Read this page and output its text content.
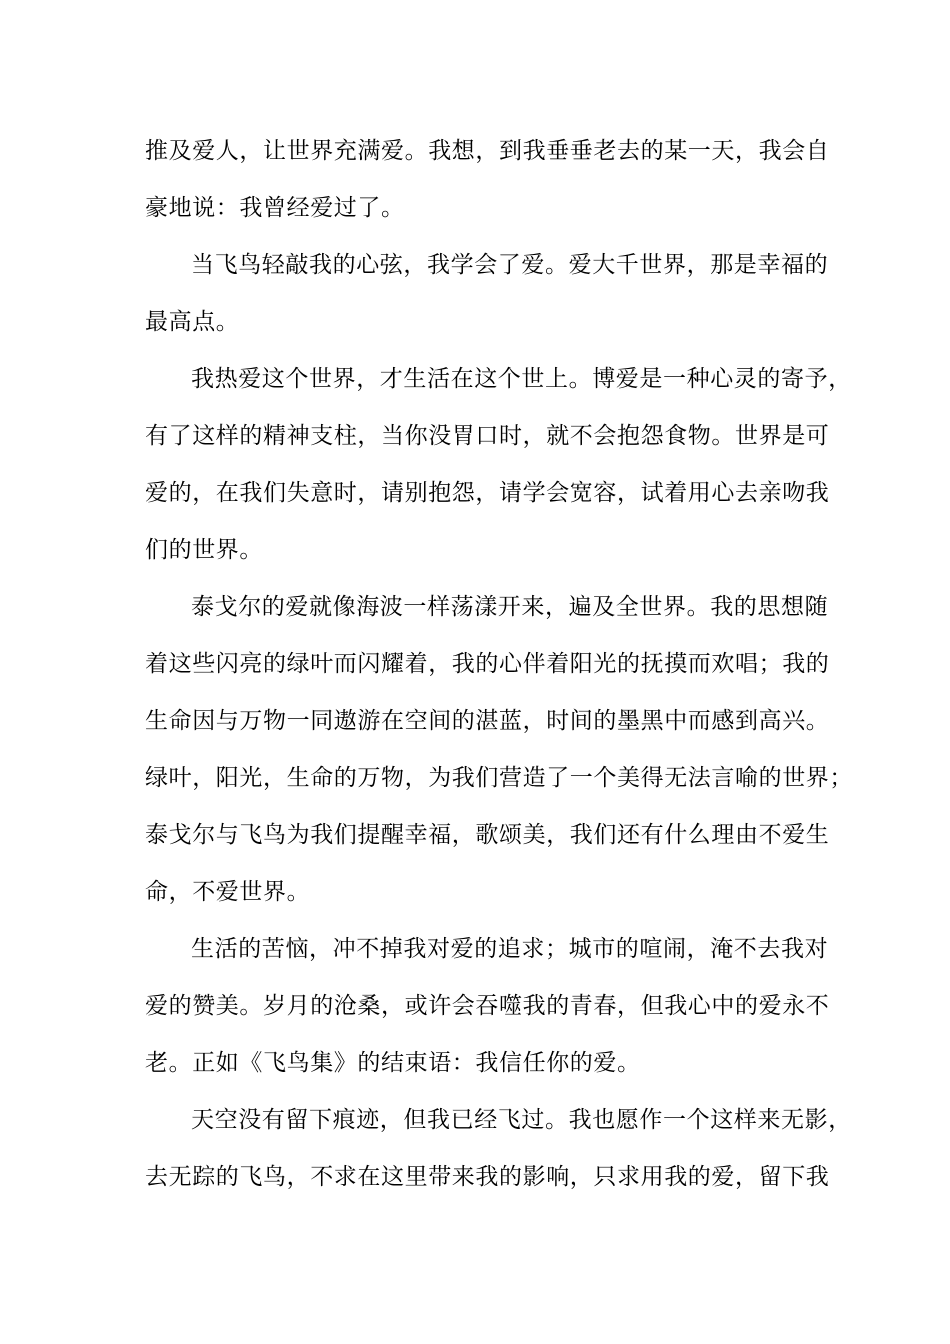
推及爱人，让世界充满爱。我想，到我垂垂老去的某一天，我会自
豪地说：我曾经爱过了。
当飞鸟轻敲我的心弦，我学会了爱。爱大千世界，那是幸福的
最高点。
我热爱这个世界，才生活在这个世上。博爱是一种心灵的寄予，
有了这样的精神支柱，当你没胃口时，就不会抱怨食物。世界是可
爱的，在我们失意时，请别抱怨，请学会宽容，试着用心去亲吻我
们的世界。
泰戈尔的爱就像海波一样荡漾开来，遍及全世界。我的思想随
着这些闪亮的绿叶而闪耀着，我的心伴着阳光的抚摸而欢唱；我的
生命因与万物一同遨游在空间的湛蓝，时间的墨黑中而感到高兴。
绿叶，阳光，生命的万物，为我们营造了一个美得无法言喻的世界；
泰戈尔与飞鸟为我们提醒幸福，歌颂美，我们还有什么理由不爱生
命，不爱世界。
生活的苦恼，冲不掉我对爱的追求；城市的喧闹，淹不去我对
爱的赞美。岁月的沧桑，或许会吞噬我的青春，但我心中的爱永不
老。正如《飞鸟集》的结束语：我信任你的爱。
天空没有留下痕迹，但我已经飞过。我也愿作一个这样来无影，
去无踪的飞鸟，不求在这里带来我的影响，只求用我的爱，留下我
